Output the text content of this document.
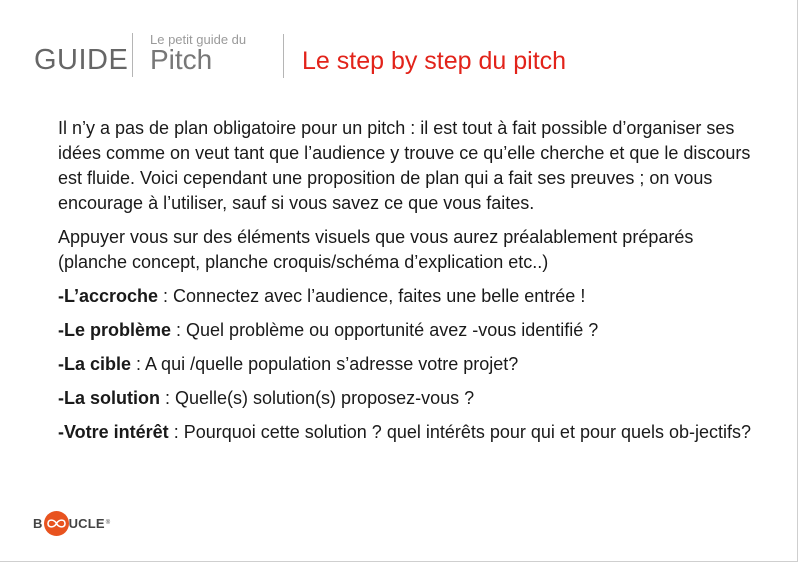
GUIDE
Le petit guide du
Pitch	Le step by step du pitch

Il n’y a pas de plan obligatoire pour un pitch : il est tout à fait possible d’organiser ses idées comme on veut tant que l’audience y trouve ce qu’elle cherche et que le discours est fluide. Voici cependant une proposition de plan qui a fait ses preuves ; on vous encourage à l’utiliser, sauf si vous savez ce que vous faites.

Appuyer vous sur des éléments visuels que vous aurez préalablement préparés (planche concept, planche croquis/schéma d’explication etc..)

-L’accroche : Connectez avec l’audience, faites une belle entrée !
-Le problème : Quel problème ou opportunité avez -vous identifié ?
-La cible : A qui /quelle population s’adresse votre projet?
-La solution : Quelle(s) solution(s) proposez-vous ?
-Votre intérêt : Pourquoi cette solution ? quel intérêts pour qui et pour quels ob-jectifs?
B UCLE ®
